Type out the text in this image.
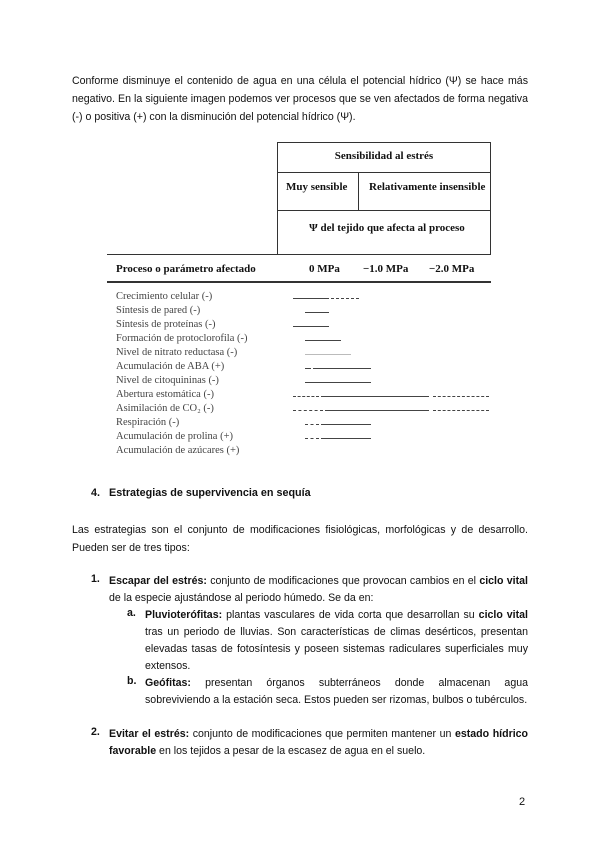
Conforme disminuye el contenido de agua en una célula el potencial hídrico (Ψ) se hace más negativo. En la siguiente imagen podemos ver procesos que se ven afectados de forma negativa (-) o positiva (+) con la disminución del potencial hídrico (Ψ).
Sensibilidad al estrés
Muy sensible	Relativamente insensible
Ψ del tejido que afecta al proceso
Proceso o parámetro afectado	0 MPa −1.0 MPa −2.0 MPa
Crecimiento celular (-)
Síntesis de pared (-)
Síntesis de proteínas (-)
Formación de protoclorofila (-)
Nivel de nitrato reductasa (-)
Acumulación de ABA (+)
Nivel de citoquininas (-)
Abertura estomática (-)
Asimilación de CO₂ (-)
Respiración (-)
Acumulación de prolina (+)
Acumulación de azúcares (+)
4. Estrategias de supervivencia en sequía
Las estrategias son el conjunto de modificaciones fisiológicas, morfológicas y de desarrollo. Pueden ser de tres tipos:
1. Escapar del estrés: conjunto de modificaciones que provocan cambios en el ciclo vital de la especie ajustándose al periodo húmedo. Se da en:
a. Pluvioterófitas: plantas vasculares de vida corta que desarrollan su ciclo vital tras un periodo de lluvias. Son características de climas desérticos, presentan elevadas tasas de fotosíntesis y poseen sistemas radiculares superficiales muy extensos.
b. Geófitas: presentan órganos subterráneos donde almacenan agua sobreviviendo a la estación seca. Estos pueden ser rizomas, bulbos o tubérculos.
2. Evitar el estrés: conjunto de modificaciones que permiten mantener un estado hídrico favorable en los tejidos a pesar de la escasez de agua en el suelo.
2
